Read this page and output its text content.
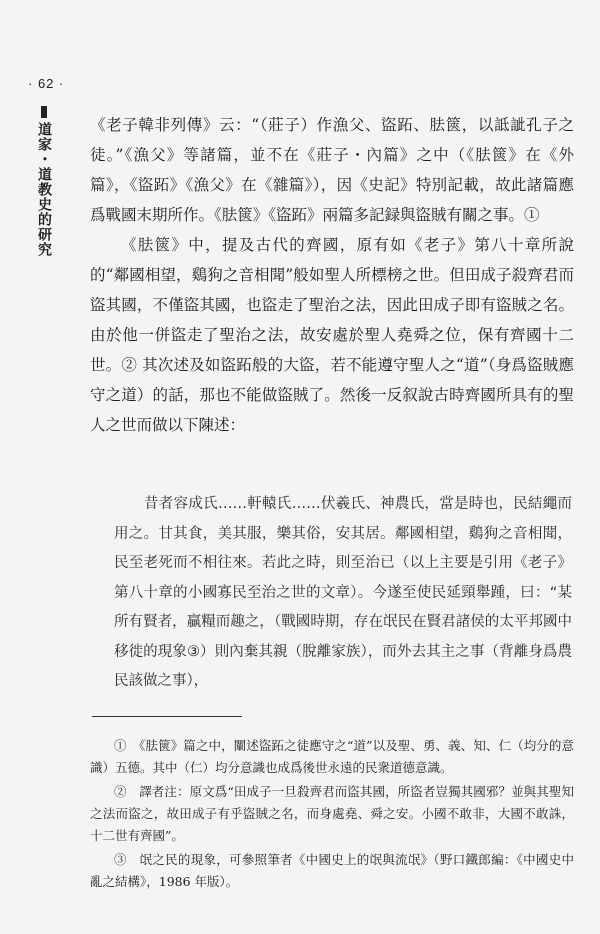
· 62 ·
道家・道教史的研究 《老子韓非列傳》云：“（莊子）作漁父、盜跖、胠篋，以詆訿孔子之徒。”《漁父》等諸篇，並不在《莊子・內篇》之中（《胠篋》在《外篇》，《盜跖》《漁父》在《雜篇》），因《史記》特別記載，故此諸篇應爲戰國末期所作。《胠篋》《盜跖》兩篇多記録與盜賊有關之事。①

《胠篋》中，提及古代的齊國，原有如《老子》第八十章所說的“鄰國相望，鷄狗之音相聞”般如聖人所標榜之世。但田成子殺齊君而盜其國，不僅盜其國，也盜走了聖治之法，因此田成子即有盜賊之名。由於他一併盜走了聖治之法，故安處於聖人堯舜之位，保有齊國十二世。② 其次述及如盜跖般的大盜，若不能遵守聖人之“道”（身爲盜賊應守之道）的話，那也不能做盜賊了。然後一反叙說古時齊國所具有的聖人之世而做以下陳述：

昔者容成氏……軒轅氏……伏羲氏、神農氏，當是時也，民結繩而用之。甘其食，美其服，樂其俗，安其居。鄰國相望，鷄狗之音相聞，民至老死而不相往來。若此之時，則至治已（以上主要是引用《老子》第八十章的小國寡民至治之世的文章）。今遂至使民延頸舉踵，曰：“某所有賢者，贏糧而趣之，（戰國時期，存在氓民在賢君諸侯的太平邦國中移徙的現象③）則內棄其親（脫離家族），而外去其主之事（背離身爲農民該做之事），

①　《胠篋》篇之中，闡述盜跖之徒應守之“道”以及聖、勇、義、知、仁（均分的意識）五德。其中（仁）均分意識也成爲後世永遠的民衆道德意識。

②　譯者注：原文爲“田成子一旦殺齊君而盜其國，所盜者豈獨其國邪？並與其聖知之法而盜之，故田成子有乎盜賊之名，而身處堯、舜之安。小國不敢非，大國不敢誅，十二世有齊國”。

③　氓之民的現象，可參照筆者《中國史上的氓與流氓》（野口鐵郎編：《中國史中亂之結構》，1986 年版）。
